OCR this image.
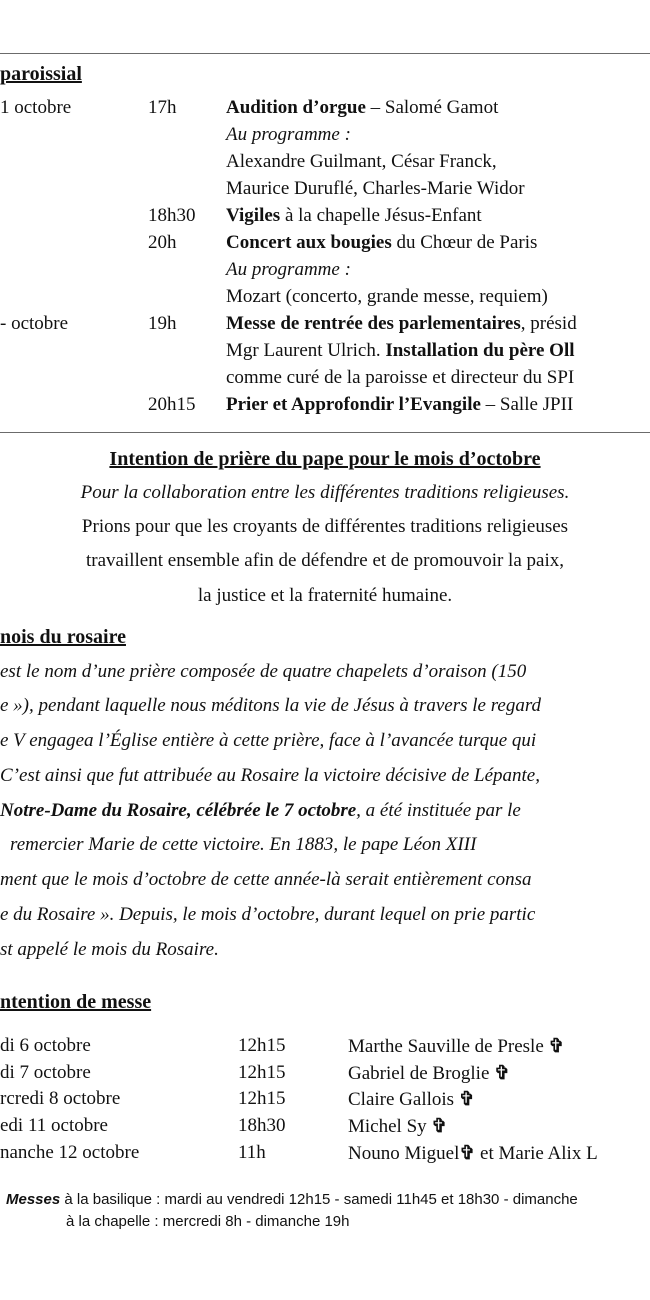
paroissial
1 octobre	17h	Audition d’orgue – Salomé Gamot
Au programme :
Alexandre Guilmant, César Franck,
Maurice Duruflé, Charles-Marie Widor
18h30 Vigiles à la chapelle Jésus-Enfant
20h	Concert aux bougies du Chœur de Paris
Au programme :
Mozart (concerto, grande messe, requiem)
- octobre	19h	Messe de rentrée des parlementaires, présid
Mgr Laurent Ulrich. Installation du père Oll
comme curé de la paroisse et directeur du SPI
20h15 Prier et Approfondir l’Evangile – Salle JPII
Intention de prière du pape pour le mois d’octobre
Pour la collaboration entre les différentes traditions religieuses.
Prions pour que les croyants de différentes traditions religieuses
travaillent ensemble afin de défendre et de promouvoir la paix,
la justice et la fraternité humaine.
nois du rosaire
est le nom d’une prière composée de quatre chapelets d’oraison (150
e »), pendant laquelle nous méditons la vie de Jésus à travers le regard
e V engagea l’Église entière à cette prière, face à l’avancée turque qui
C’est ainsi que fut attribuée au Rosaire la victoire décisive de Lépante,
Notre-Dame du Rosaire, célébrée le 7 octobre, a été instituée par le
remercier Marie de cette victoire. En 1883, le pape Léon XIII
ment que le mois d’octobre de cette année-là serait entièrement consa
e du Rosaire ». Depuis, le mois d’octobre, durant lequel on prie partic
st appelé le mois du Rosaire.
ntention de messe
di 6 octobre	12h15	Marthe Sauville de Presle ✞
di 7 octobre	12h15	Gabriel de Broglie ✞
rcredi 8 octobre	12h15	Claire Gallois ✞
edi 11 octobre	18h30	Michel Sy ✞
nanche 12 octobre	11h	Nouno Miguel✞ et Marie Alix L
Messes à la basilique : mardi au vendredi 12h15 - samedi 11h45 et 18h30 - dimanche
à la chapelle : mercredi 8h - dimanche 19h
